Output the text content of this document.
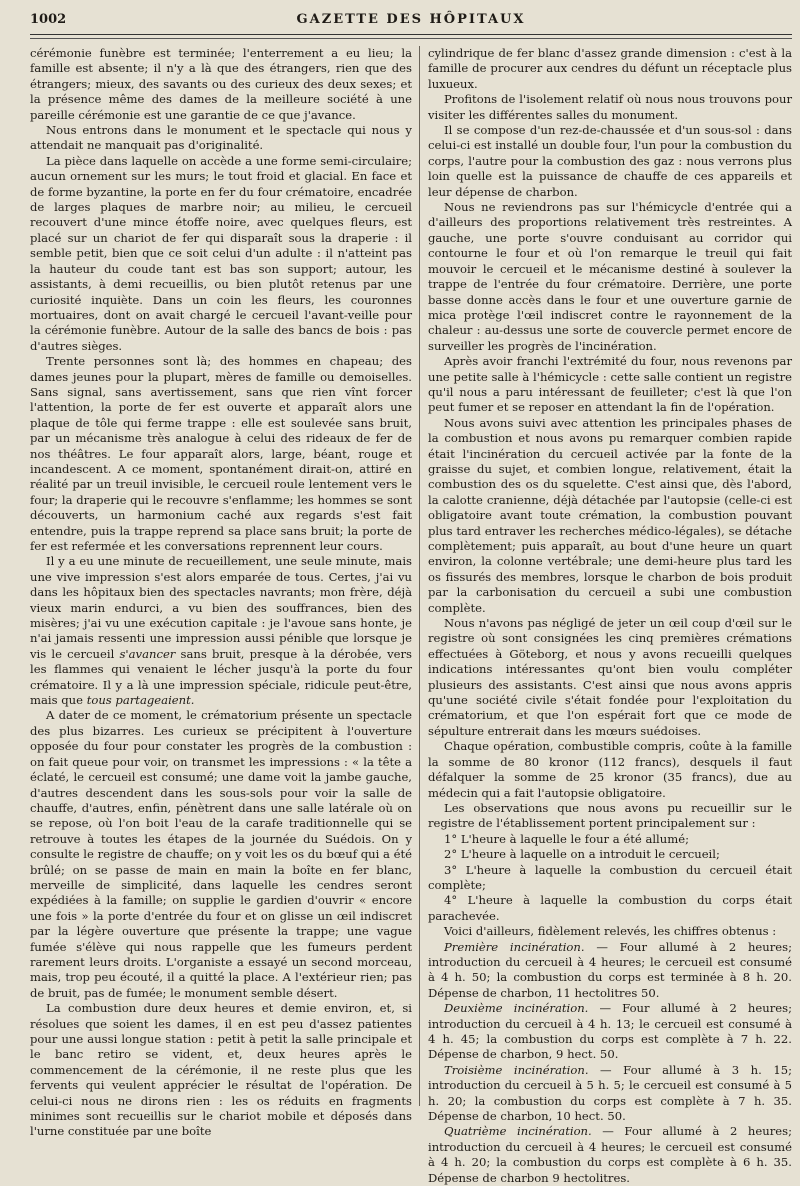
1002	GAZETTE DES HÔPITAUX

cérémonie funèbre est terminée; l'enterrement a eu lieu; la famille est absente; il n'y a là que des étrangers, rien que des étrangers; mieux, des savants ou des curieux des deux sexes; et la présence même des dames de la meilleure société à une pareille cérémonie est une garantie de ce que j'avance.

Nous entrons dans le monument et le spectacle qui nous y attendait ne manquait pas d'originalité.

La pièce dans laquelle on accède a une forme semi-circulaire; aucun ornement sur les murs; le tout froid et glacial. En face et de forme byzantine, la porte en fer du four crématoire, encadrée de larges plaques de marbre noir; au milieu, le cercueil recouvert d'une mince étoffe noire, avec quelques fleurs, est placé sur un chariot de fer qui disparaît sous la draperie : il semble petit, bien que ce soit celui d'un adulte : il n'atteint pas la hauteur du coude tant est bas son support; autour, les assistants, à demi recueillis, ou bien plutôt retenus par une curiosité inquiète. Dans un coin les fleurs, les couronnes mortuaires, dont on avait chargé le cercueil l'avant-veille pour la cérémonie funèbre. Autour de la salle des bancs de bois : pas d'autres sièges.

Trente personnes sont là; des hommes en chapeau; des dames jeunes pour la plupart, mères de famille ou demoiselles. Sans signal, sans avertissement, sans que rien vînt forcer l'attention, la porte de fer est ouverte et apparaît alors une plaque de tôle qui ferme trappe : elle est soulevée sans bruit, par un mécanisme très analogue à celui des rideaux de fer de nos théâtres. Le four apparaît alors, large, béant, rouge et incandescent. A ce moment, spontanément dirait-on, attiré en réalité par un treuil invisible, le cercueil roule lentement vers le four; la draperie qui le recouvre s'enflamme; les hommes se sont découverts, un harmonium caché aux regards s'est fait entendre, puis la trappe reprend sa place sans bruit; la porte de fer est refermée et les conversations reprennent leur cours.

Il y a eu une minute de recueillement, une seule minute, mais une vive impression s'est alors emparée de tous. Certes, j'ai vu dans les hôpitaux bien des spectacles navrants; mon frère, déjà vieux marin endurci, a vu bien des souffrances, bien des misères; j'ai vu une exécution capitale : je l'avoue sans honte, je n'ai jamais ressenti une impression aussi pénible que lorsque je vis le cercueil s'avancer sans bruit, presque à la dérobée, vers les flammes qui venaient le lécher jusqu'à la porte du four crématoire. Il y a là une impression spéciale, ridicule peut-être, mais que tous partageaient.

A dater de ce moment, le crématorium présente un spectacle des plus bizarres. Les curieux se précipitent à l'ouverture opposée du four pour constater les progrès de la combustion : on fait queue pour voir, on transmet les impressions : « la tête a éclaté, le cercueil est consumé; une dame voit la jambe gauche, d'autres descendent dans les sous-sols pour voir la salle de chauffe, d'autres, enfin, pénètrent dans une salle latérale où on se repose, où l'on boit l'eau de la carafe traditionnelle qui se retrouve à toutes les étapes de la journée du Suédois. On y consulte le registre de chauffe; on y voit les os du bœuf qui a été brûlé; on se passe de main en main la boîte en fer blanc, merveille de simplicité, dans laquelle les cendres seront expédiées à la famille; on supplie le gardien d'ouvrir « encore une fois » la porte d'entrée du four et on glisse un œil indiscret par la légère ouverture que présente la trappe; une vague fumée s'élève qui nous rappelle que les fumeurs perdent rarement leurs droits. L'organiste a essayé un second morceau, mais, trop peu écouté, il a quitté la place. A l'extérieur rien; pas de bruit, pas de fumée; le monument semble désert.

La combustion dure deux heures et demie environ, et, si résolues que soient les dames, il en est peu d'assez patientes pour une aussi longue station : petit à petit la salle principale et le banc retiro se vident, et, deux heures après le commencement de la cérémonie, il ne reste plus que les fervents qui veulent apprécier le résultat de l'opération. De celui-ci nous ne dirons rien : les os réduits en fragments minimes sont recueillis sur le chariot mobile et déposés dans l'urne constituée par une boîte

cylindrique de fer blanc d'assez grande dimension : c'est à la famille de procurer aux cendres du défunt un réceptacle plus luxueux.

Profitons de l'isolement relatif où nous nous trouvons pour visiter les différentes salles du monument.

Il se compose d'un rez-de-chaussée et d'un sous-sol : dans celui-ci est installé un double four, l'un pour la combustion du corps, l'autre pour la combustion des gaz : nous verrons plus loin quelle est la puissance de chauffe de ces appareils et leur dépense de charbon.

Nous ne reviendrons pas sur l'hémicycle d'entrée qui a d'ailleurs des proportions relativement très restreintes. A gauche, une porte s'ouvre conduisant au corridor qui contourne le four et où l'on remarque le treuil qui fait mouvoir le cercueil et le mécanisme destiné à soulever la trappe de l'entrée du four crématoire. Derrière, une porte basse donne accès dans le four et une ouverture garnie de mica protège l'œil indiscret contre le rayonnement de la chaleur : au-dessus une sorte de couvercle permet encore de surveiller les progrès de l'incinération.

Après avoir franchi l'extrémité du four, nous revenons par une petite salle à l'hémicycle : cette salle contient un registre qu'il nous a paru intéressant de feuilleter; c'est là que l'on peut fumer et se reposer en attendant la fin de l'opération.

Nous avons suivi avec attention les principales phases de la combustion et nous avons pu remarquer combien rapide était l'incinération du cercueil activée par la fonte de la graisse du sujet, et combien longue, relativement, était la combustion des os du squelette. C'est ainsi que, dès l'abord, la calotte cranienne, déjà détachée par l'autopsie (celle-ci est obligatoire avant toute crémation, la combustion pouvant plus tard entraver les recherches médico-légales), se détache complètement; puis apparaît, au bout d'une heure un quart environ, la colonne vertébrale; une demi-heure plus tard les os fissurés des membres, lorsque le charbon de bois produit par la carbonisation du cercueil a subi une combustion complète.

Nous n'avons pas négligé de jeter un œil coup d'œil sur le registre où sont consignées les cinq premières crémations effectuées à Göteborg, et nous y avons recueilli quelques indications intéressantes qu'ont bien voulu compléter plusieurs des assistants. C'est ainsi que nous avons appris qu'une société civile s'était fondée pour l'exploitation du crématorium, et que l'on espérait fort que ce mode de sépulture entrerait dans les mœurs suédoises.

Chaque opération, combustible compris, coûte à la famille la somme de 80 kronor (112 francs), desquels il faut défalquer la somme de 25 kronor (35 francs), due au médecin qui a fait l'autopsie obligatoire.

Les observations que nous avons pu recueillir sur le registre de l'établissement portent principalement sur :

1° L'heure à laquelle le four a été allumé;

2° L'heure à laquelle on a introduit le cercueil;

3° L'heure à laquelle la combustion du cercueil était complète;

4° L'heure à laquelle la combustion du corps était parachevée.

Voici d'ailleurs, fidèlement relevés, les chiffres obtenus :

Première incinération. — Four allumé à 2 heures; introduction du cercueil à 4 heures; le cercueil est consumé à 4 h. 50; la combustion du corps est terminée à 8 h. 20. Dépense de charbon, 11 hectolitres 50.

Deuxième incinération. — Four allumé à 2 heures; introduction du cercueil à 4 h. 13; le cercueil est consumé à 4 h. 45; la combustion du corps est complète à 7 h. 22. Dépense de charbon, 9 hect. 50.

Troisième incinération. — Four allumé à 3 h. 15; introduction du cercueil à 5 h. 5; le cercueil est consumé à 5 h. 20; la combustion du corps est complète à 7 h. 35. Dépense de charbon, 10 hect. 50.

Quatrième incinération. — Four allumé à 2 heures; introduction du cercueil à 4 heures; le cercueil est consumé à 4 h. 20; la combustion du corps est complète à 6 h. 35. Dépense de charbon 9 hectolitres.
